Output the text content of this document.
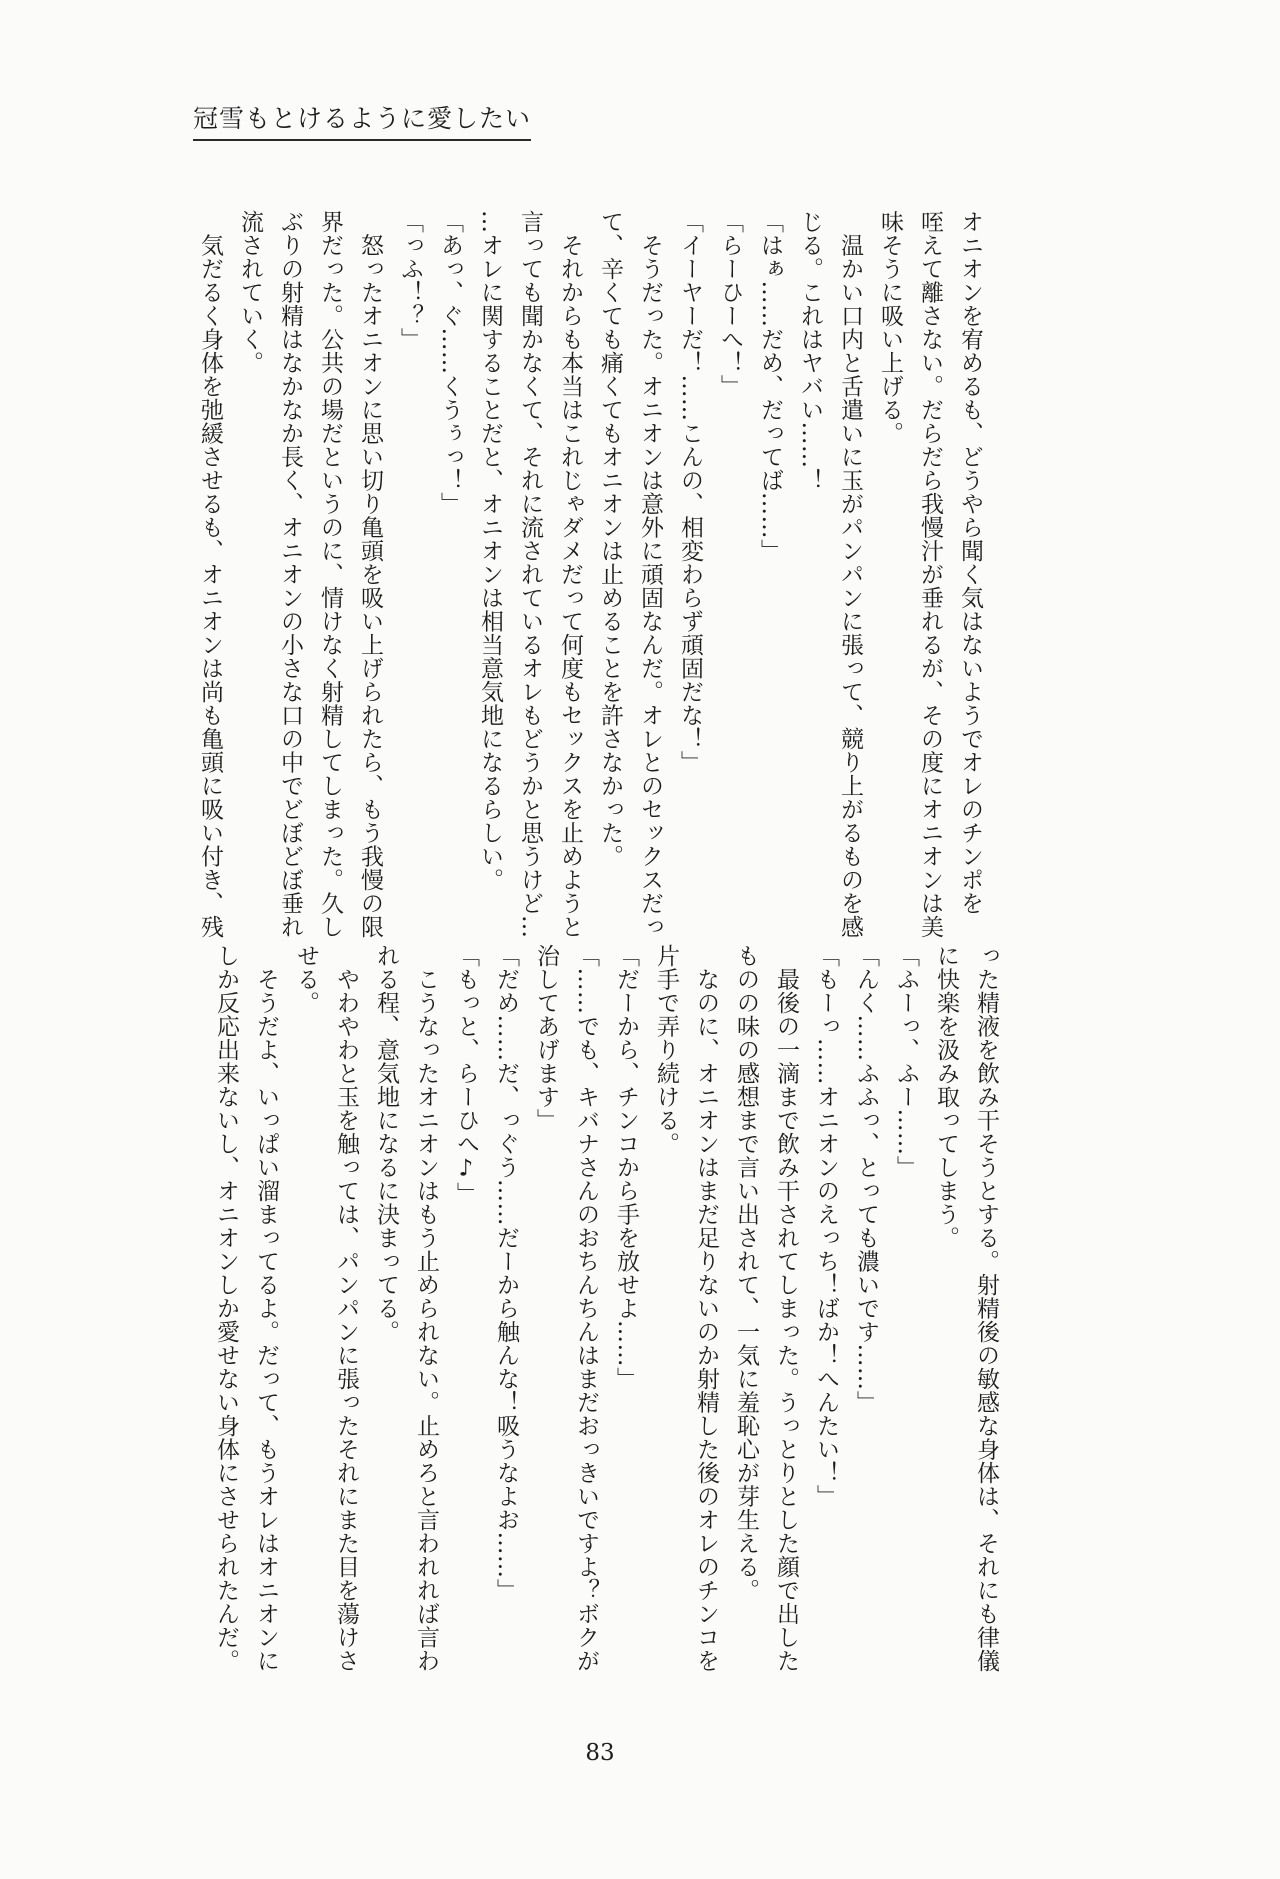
冠雪もとけるように愛したい
オニオンを宥めるも、どうやら聞く気はないようでオレのチンポを
咥えて離さない。だらだら我慢汁が垂れるが、その度にオニオンは美
味そうに吸い上げる。
　温かい口内と舌遣いに玉がパンパンに張って、競り上がるものを感
じる。これはヤバい……！
「はぁ……だめ、だってば……」
「らーひーへ！」
「イーヤーだ！……こんの、相変わらず頑固だな！」
　そうだった。オニオンは意外に頑固なんだ。オレとのセックスだっ
て、辛くても痛くてもオニオンは止めることを許さなかった。
　それからも本当はこれじゃダメだって何度もセックスを止めようと
言っても聞かなくて、それに流されているオレもどうかと思うけど…
…オレに関することだと、オニオンは相当意気地になるらしい。
「あっ、ぐ……くうぅっ！」
「っふ！？」
　怒ったオニオンに思い切り亀頭を吸い上げられたら、もう我慢の限
界だった。公共の場だというのに、情けなく射精してしまった。久し
ぶりの射精はなかなか長く、オニオンの小さな口の中でどぼどぼ垂れ
流されていく。
　気だるく身体を弛緩させるも、オニオンは尚も亀頭に吸い付き、残
った精液を飲み干そうとする。射精後の敏感な身体は、それにも律儀
に快楽を汲み取ってしまう。
「ふーっ、ふー……」
「んく……ふふっ、とっても濃いです……」
「もーっ……オニオンのえっち！ばか！へんたい！」
　最後の一滴まで飲み干されてしまった。うっとりとした顔で出した
ものの味の感想まで言い出されて、一気に羞恥心が芽生える。
　なのに、オニオンはまだ足りないのか射精した後のオレのチンコを
片手で弄り続ける。
「だーから、チンコから手を放せよ……」
「……でも、キバナさんのおちんちんはまだおっきいですよ？ボクが
治してあげます」
「だめ……だ、っぐう……だーから触んな！吸うなよお……」
「もっと、らーひへ♪」
　こうなったオニオンはもう止められない。止めろと言われれば言わ
れる程、意気地になるに決まってる。
　やわやわと玉を触っては、パンパンに張ったそれにまた目を蕩けさ
せる。
　そうだよ、いっぱい溜まってるよ。だって、もうオレはオニオンに
しか反応出来ないし、オニオンしか愛せない身体にさせられたんだ。
83
